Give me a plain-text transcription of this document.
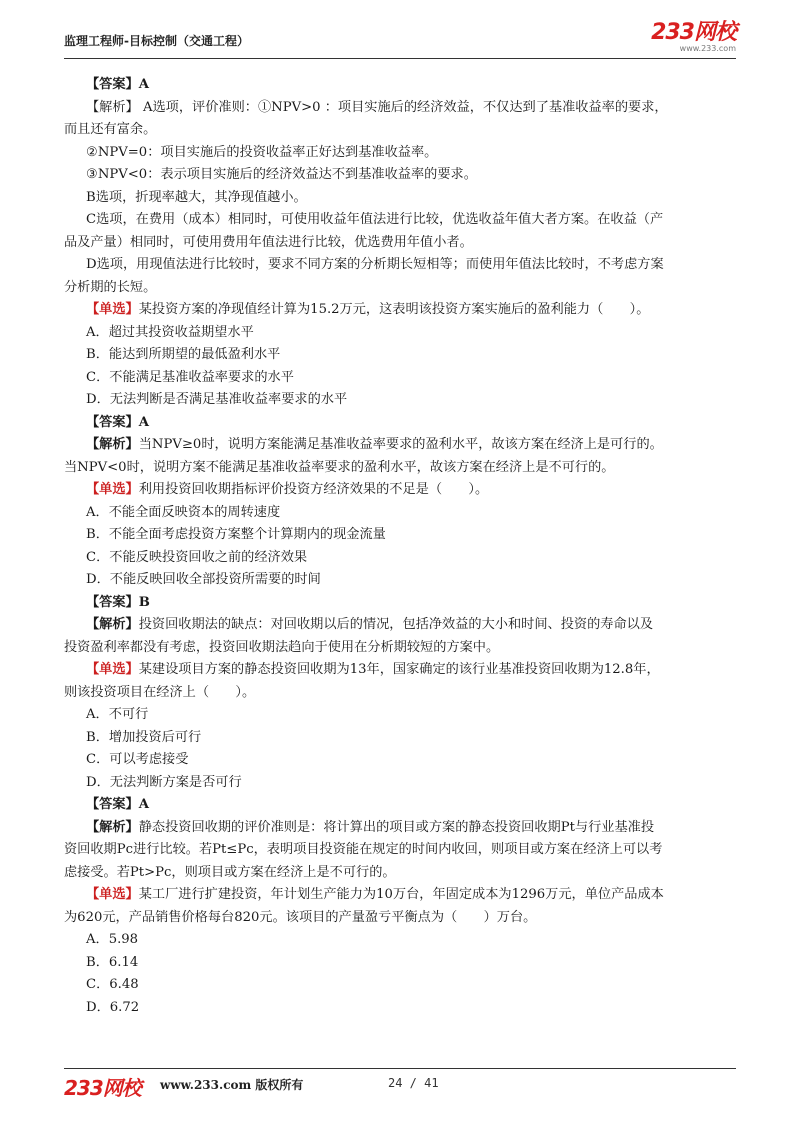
监理工程师-目标控制（交通工程）	233网校
www.233.com

【答案】A

【解析】 A选项，评价准则：①NPV>0 ：项目实施后的经济效益，不仅达到了基准收益率的要求，

而且还有富余。

②NPV=0：项目实施后的投资收益率正好达到基准收益率。

③NPV<0：表示项目实施后的经济效益达不到基准收益率的要求。

B选项，折现率越大，其净现值越小。

C选项，在费用（成本）相同时，可使用收益年值法进行比较，优选收益年值大者方案。在收益（产

品及产量）相同时，可使用费用年值法进行比较，优选费用年值小者。

D选项，用现值法进行比较时，要求不同方案的分析期长短相等；而使用年值法比较时，不考虑方案

分析期的长短。

【单选】某投资方案的净现值经计算为15.2万元，这表明该投资方案实施后的盈利能力（　　）。

A．超过其投资收益期望水平

B．能达到所期望的最低盈利水平

C．不能满足基准收益率要求的水平

D．无法判断是否满足基准收益率要求的水平

【答案】A

【解析】当NPV≥0时，说明方案能满足基准收益率要求的盈利水平，故该方案在经济上是可行的。

当NPV<0时，说明方案不能满足基准收益率要求的盈利水平，故该方案在经济上是不可行的。

【单选】利用投资回收期指标评价投资方经济效果的不足是（　　）。

A．不能全面反映资本的周转速度

B．不能全面考虑投资方案整个计算期内的现金流量

C．不能反映投资回收之前的经济效果

D．不能反映回收全部投资所需要的时间

【答案】B

【解析】投资回收期法的缺点：对回收期以后的情况，包括净效益的大小和时间、投资的寿命以及

投资盈利率都没有考虑，投资回收期法趋向于使用在分析期较短的方案中。

【单选】某建设项目方案的静态投资回收期为13年，国家确定的该行业基准投资回收期为12.8年，

则该投资项目在经济上（　　）。

A．不可行

B．增加投资后可行

C．可以考虑接受

D．无法判断方案是否可行

【答案】A

【解析】静态投资回收期的评价准则是：将计算出的项目或方案的静态投资回收期Pt与行业基准投

资回收期Pc进行比较。若Pt≤Pc，表明项目投资能在规定的时间内收回，则项目或方案在经济上可以考

虑接受。若Pt>Pc，则项目或方案在经济上是不可行的。

【单选】某工厂进行扩建投资，年计划生产能力为10万台，年固定成本为1296万元，单位产品成本

为620元，产品销售价格每台820元。该项目的产量盈亏平衡点为（　　）万台。

A．5.98

B．6.14

C．6.48

D．6.72

233网校 www.233.com 版权所有	24 / 41
